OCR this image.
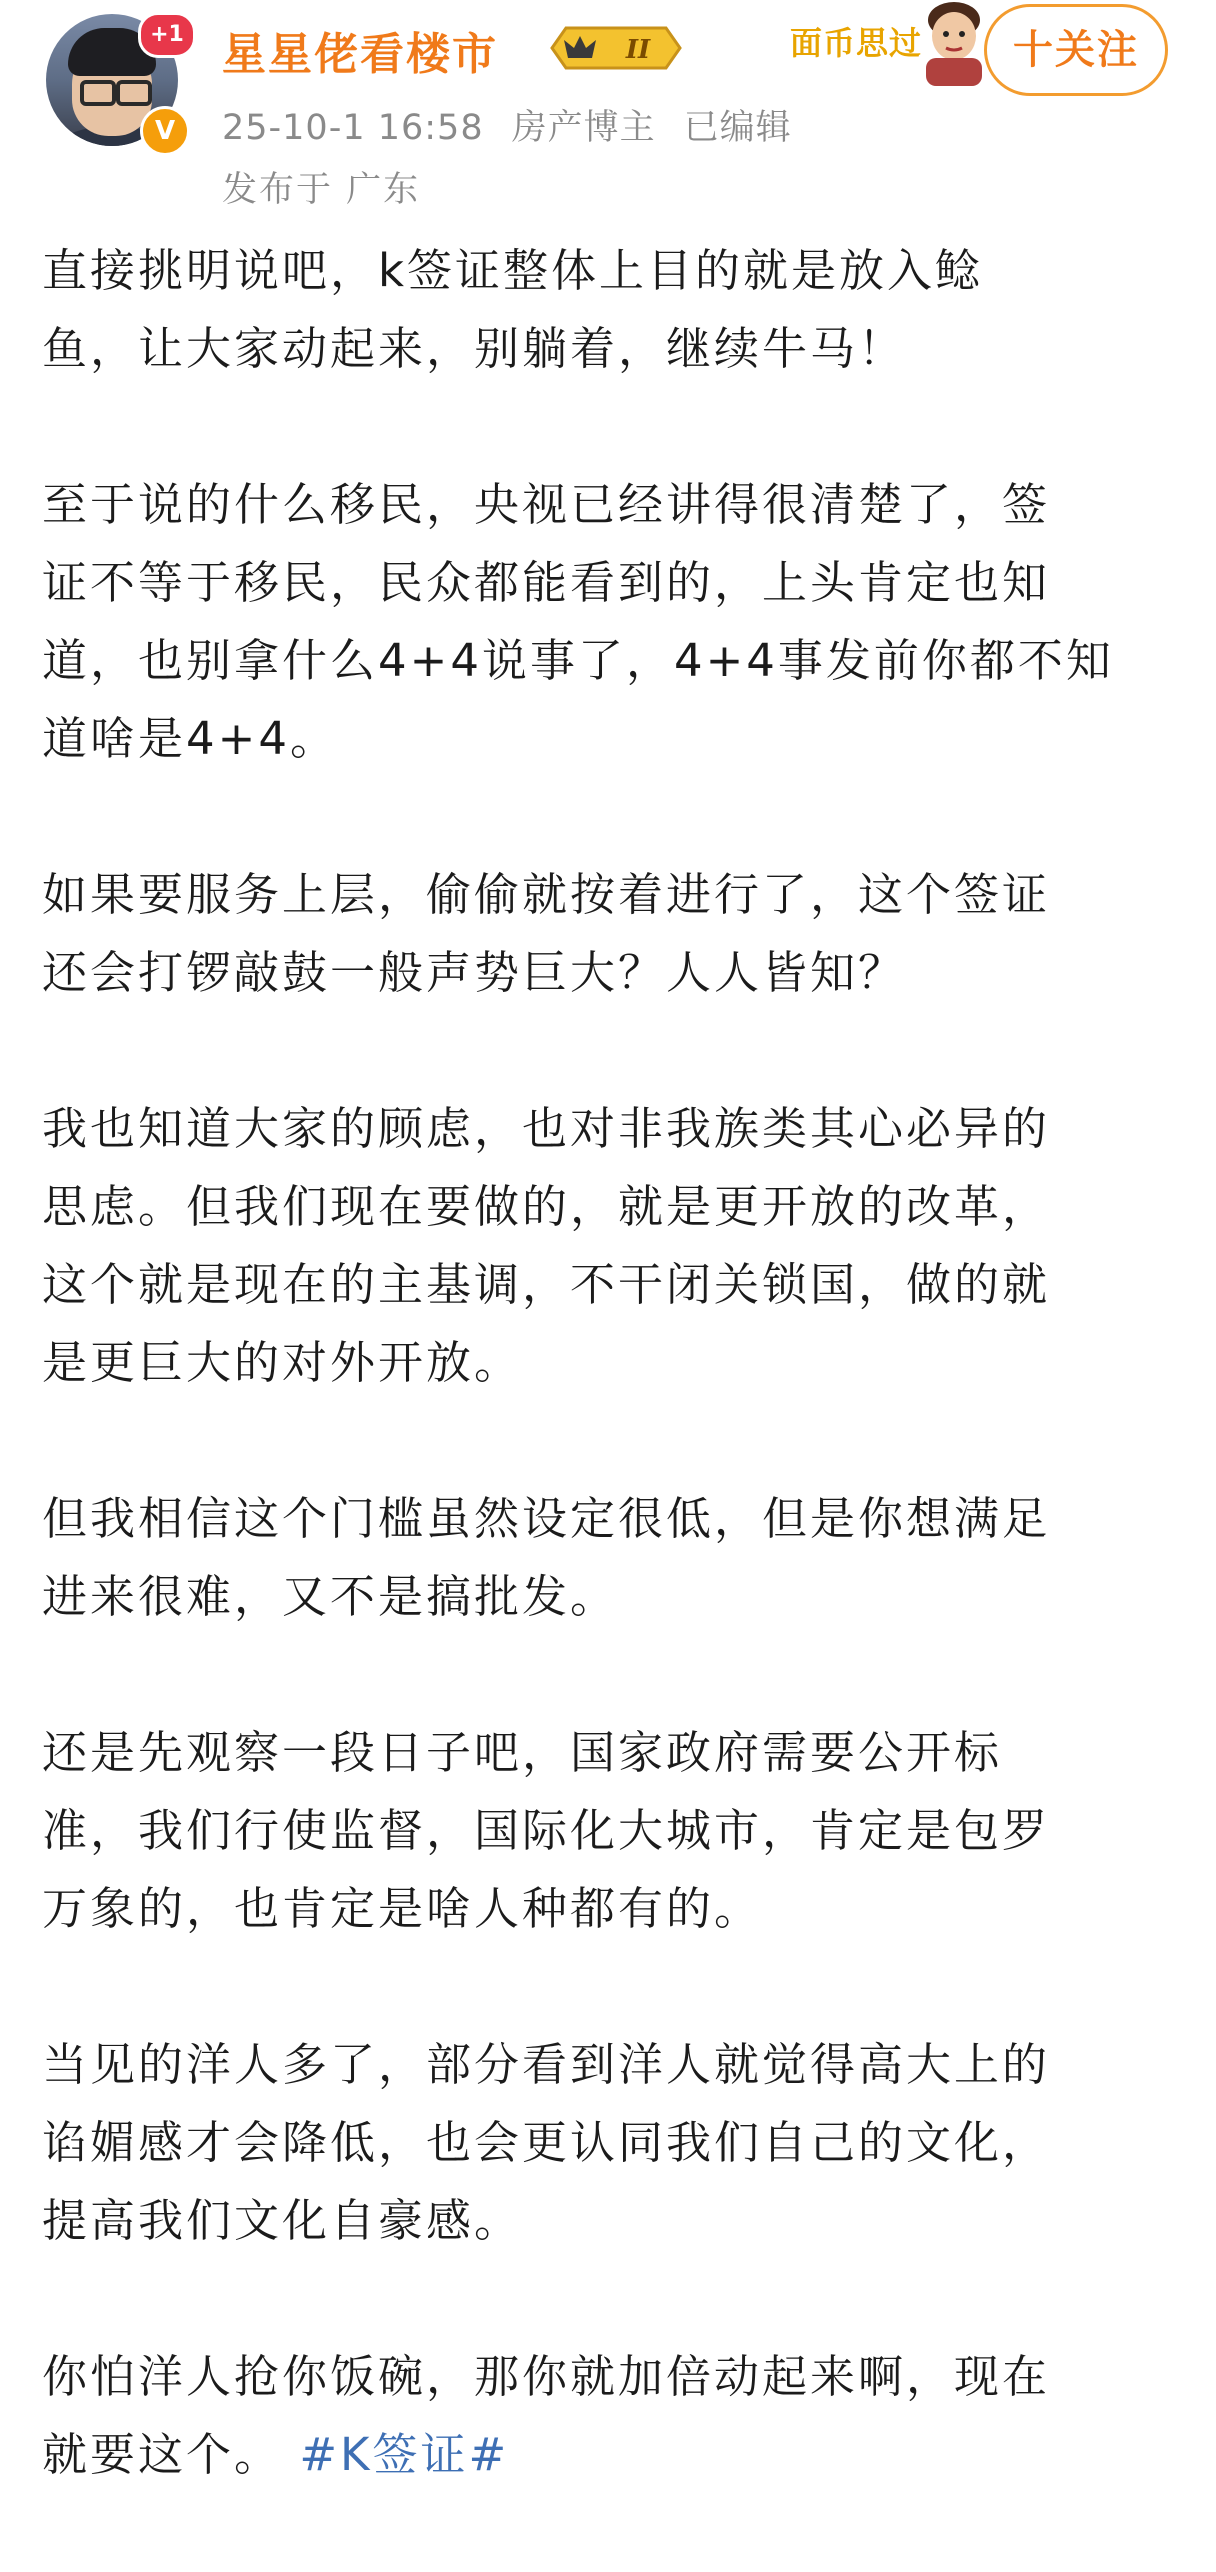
+1
V
星星佬看楼市	II
25-10-1 16:58 房产博主 已编辑
发布于 广东
面币思过	十关注

直接挑明说吧，k签证整体上目的就是放入鲶
鱼，让大家动起来，别躺着，继续牛马！

至于说的什么移民，央视已经讲得很清楚了，签
证不等于移民，民众都能看到的，上头肯定也知
道，也别拿什么4+4说事了，4+4事发前你都不知
道啥是4+4。

如果要服务上层，偷偷就按着进行了，这个签证
还会打锣敲鼓一般声势巨大？人人皆知？

我也知道大家的顾虑，也对非我族类其心必异的
思虑。但我们现在要做的，就是更开放的改革，
这个就是现在的主基调，不干闭关锁国，做的就
是更巨大的对外开放。

但我相信这个门槛虽然设定很低，但是你想满足
进来很难，又不是搞批发。

还是先观察一段日子吧，国家政府需要公开标
准，我们行使监督，国际化大城市，肯定是包罗
万象的，也肯定是啥人种都有的。

当见的洋人多了，部分看到洋人就觉得高大上的
谄媚感才会降低，也会更认同我们自己的文化，
提高我们文化自豪感。

你怕洋人抢你饭碗，那你就加倍动起来啊，现在
就要这个。 #K签证#
